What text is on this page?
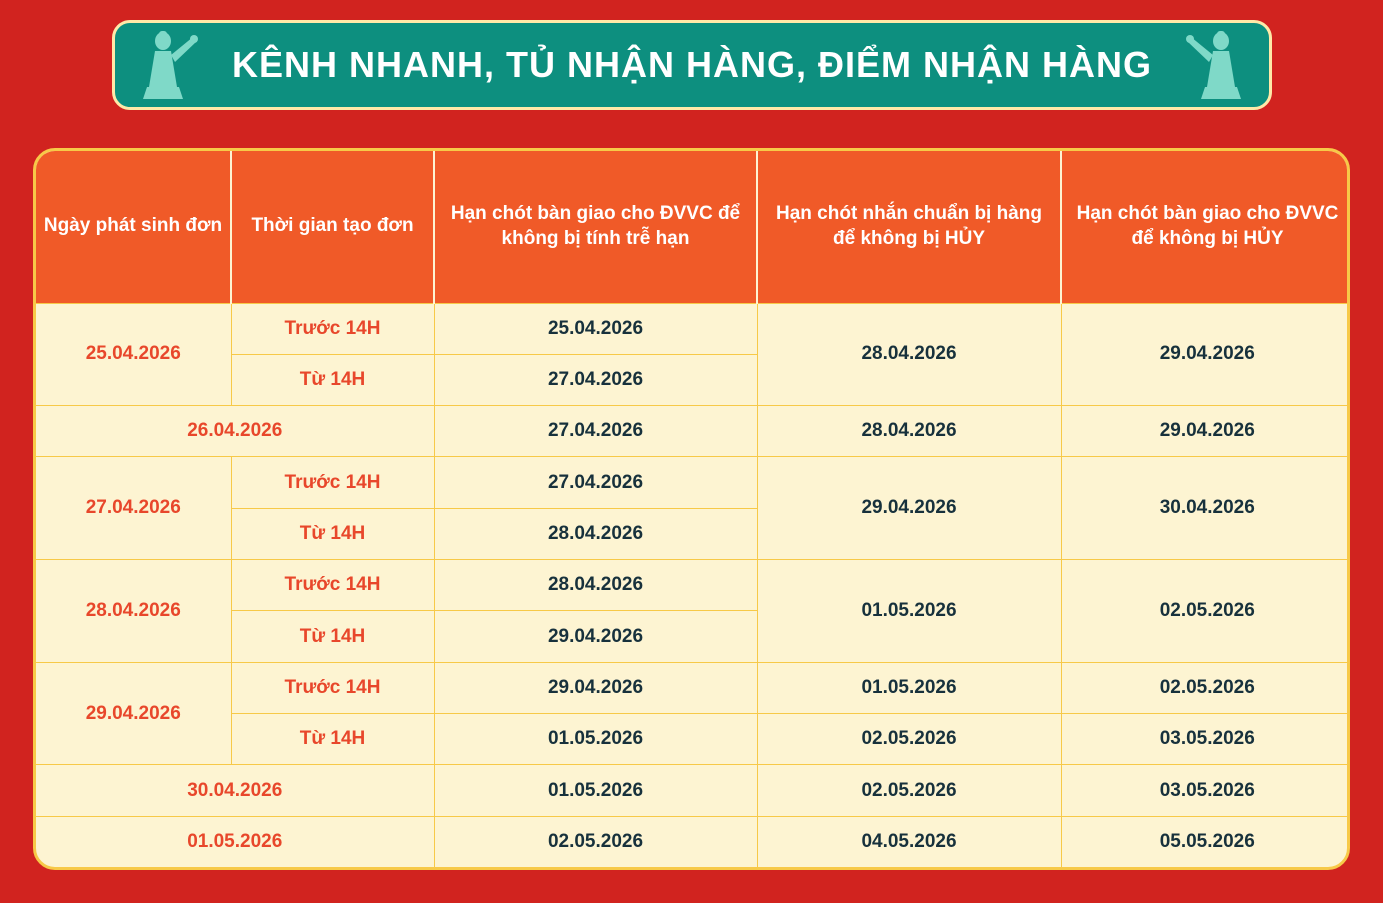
KÊNH NHANH, TỦ NHẬN HÀNG, ĐIỂM NHẬN HÀNG
Ngày phát sinh đơn	Thời gian tạo đơn	Hạn chót bàn giao cho ĐVVC để không bị tính trễ hạn	Hạn chót nhắn chuẩn bị hàng để không bị HỦY	Hạn chót bàn giao cho ĐVVC để không bị HỦY
25.04.2026	Trước 14H	25.04.2026	28.04.2026	29.04.2026
	Từ 14H	27.04.2026		
26.04.2026		27.04.2026	28.04.2026	29.04.2026
27.04.2026	Trước 14H	27.04.2026	29.04.2026	30.04.2026
	Từ 14H	28.04.2026		
28.04.2026	Trước 14H	28.04.2026	01.05.2026	02.05.2026
	Từ 14H	29.04.2026		
29.04.2026	Trước 14H	29.04.2026	01.05.2026	02.05.2026
	Từ 14H	01.05.2026	02.05.2026	03.05.2026
30.04.2026		01.05.2026	02.05.2026	03.05.2026
01.05.2026		02.05.2026	04.05.2026	05.05.2026
